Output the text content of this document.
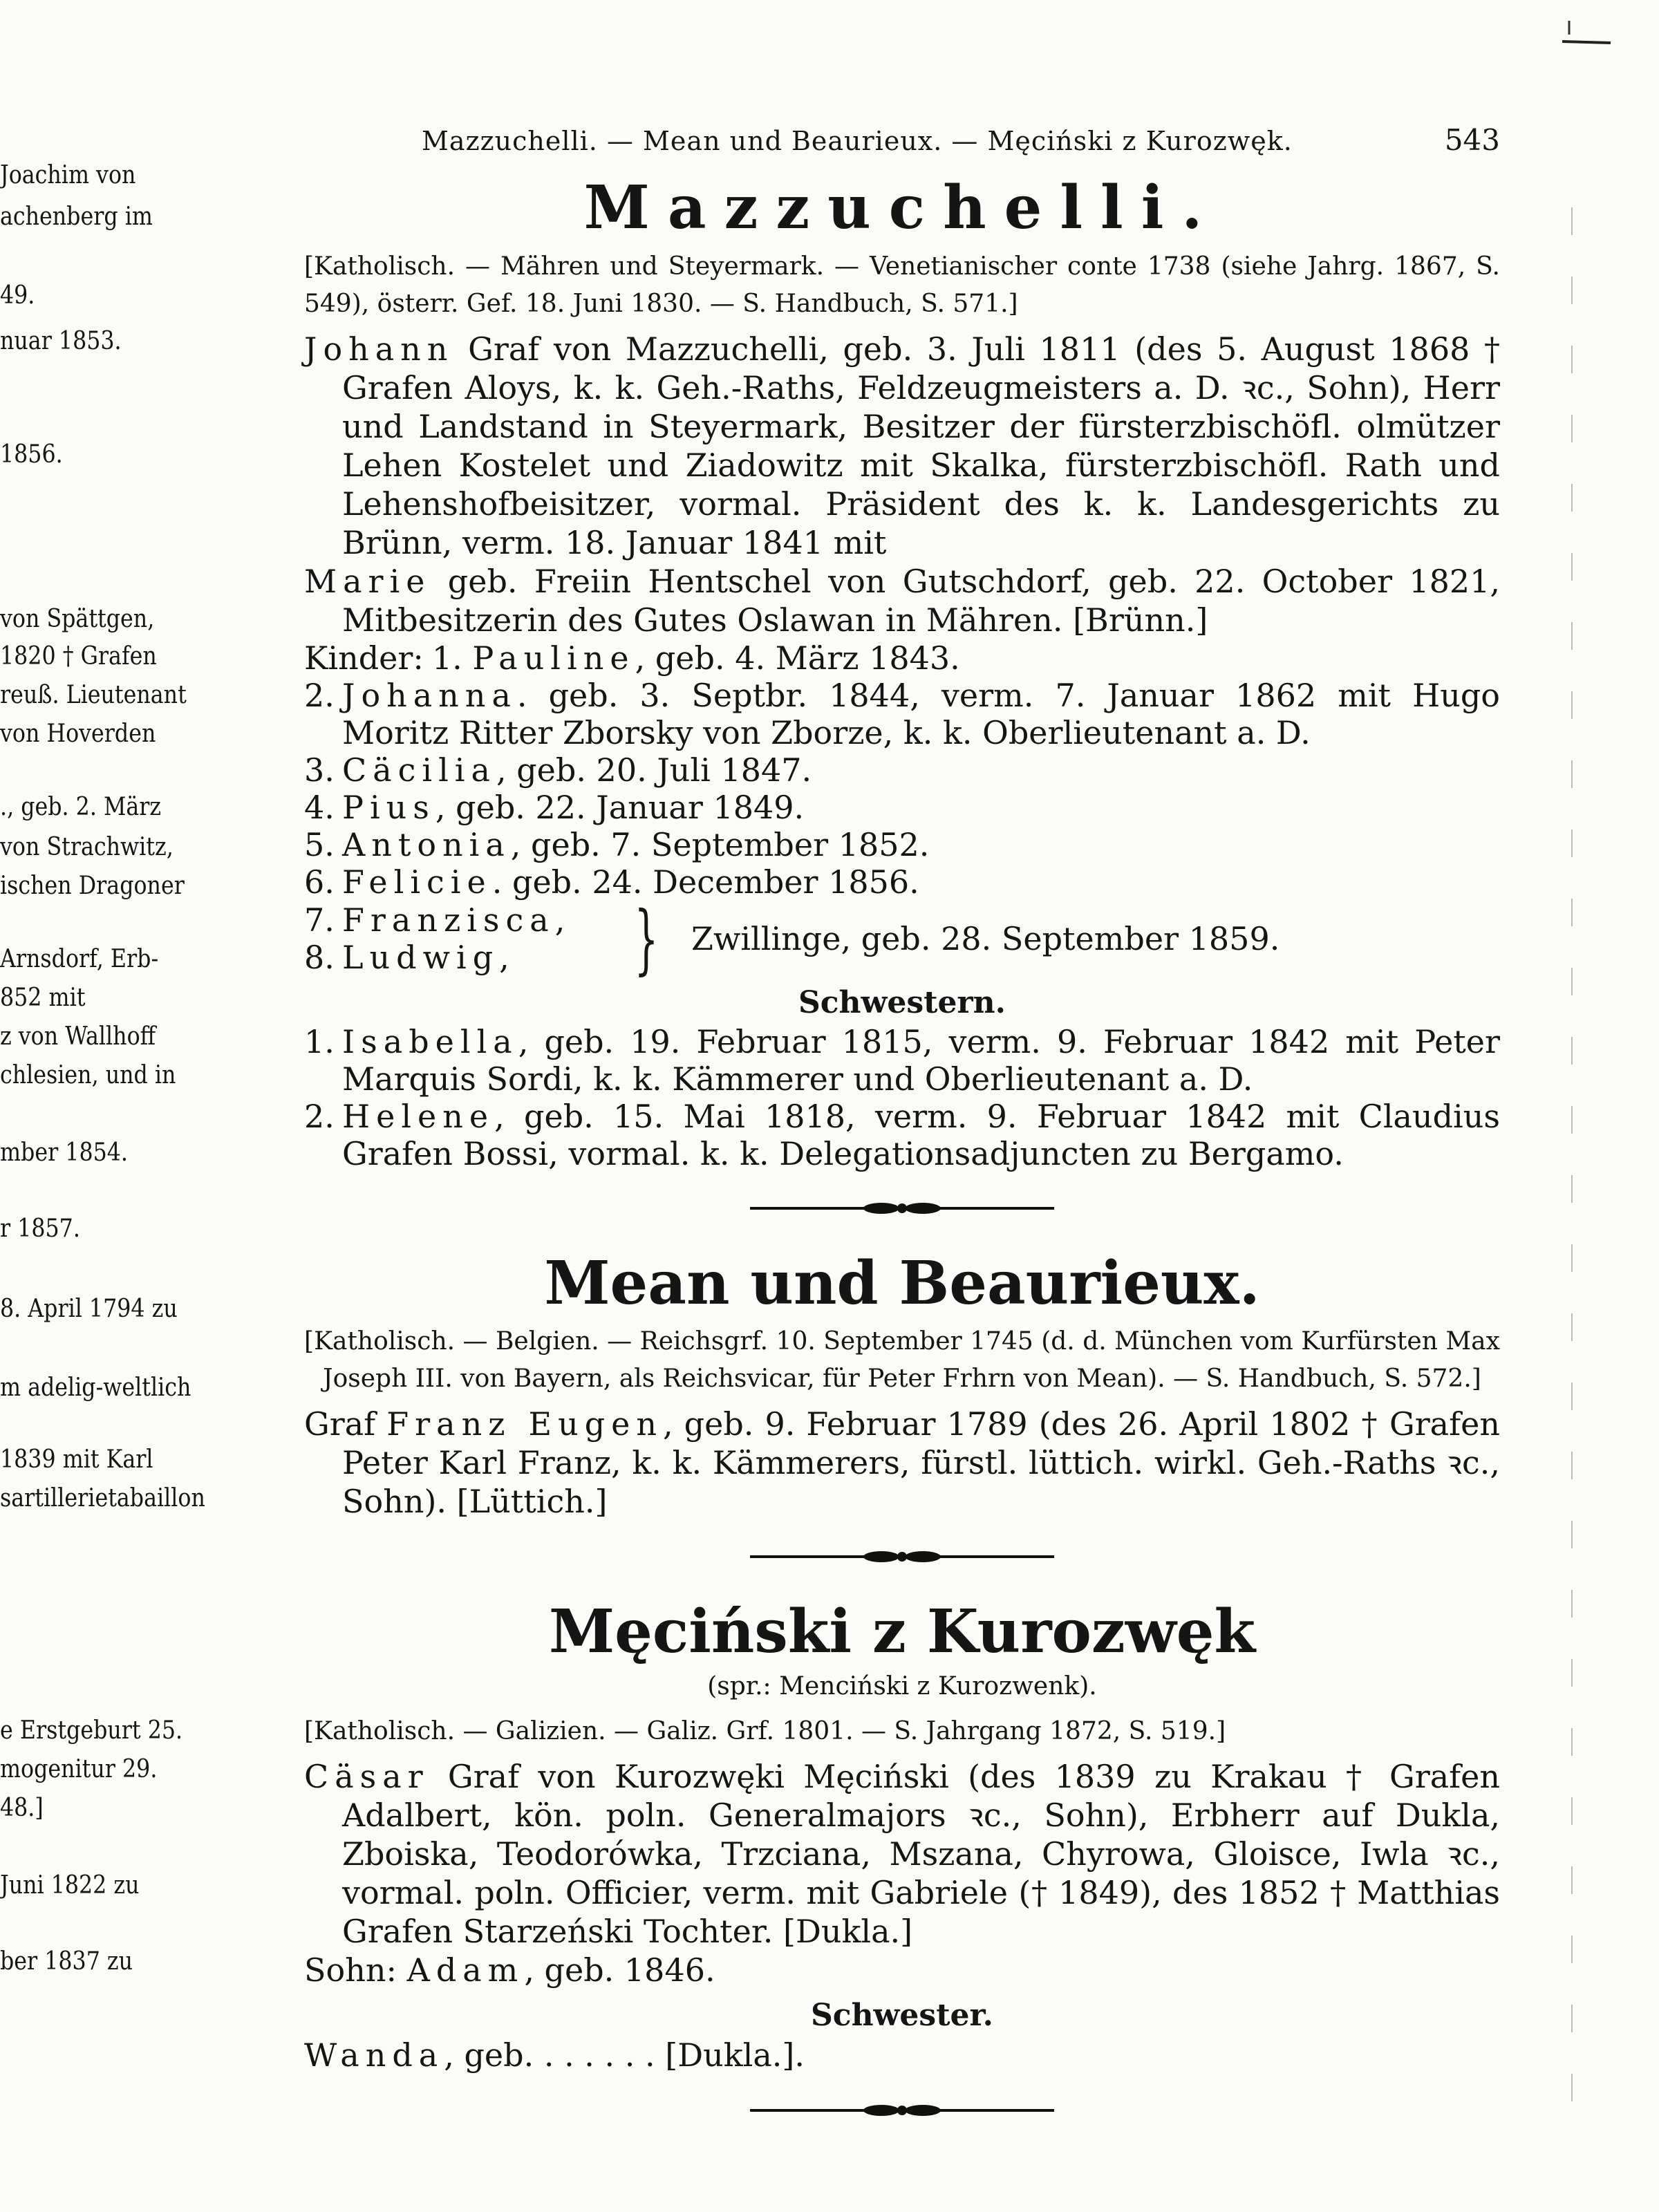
Joachim von
achenberg im
49.
nuar 1853.
1856.
von Spättgen,
1820 † Grafen
reuß. Lieutenant
von Hoverden
., geb. 2. März
von Strachwitz,
ischen Dragoner
Arnsdorf, Erb-
852 mit
z von Wallhoff
chlesien, und in
mber 1854.
r 1857.
8. April 1794 zu
m adelig-weltlich
1839 mit Karl
sartillerietabaillon
e Erstgeburt 25.
mogenitur 29.
48.]
Juni 1822 zu
ber 1837 zu
Mazzuchelli. — Mean und Beaurieux. — Męciński z Kurozwęk.	543
Mazzuchelli.
[Katholisch. — Mähren und Steyermark. — Venetianischer conte 1738 (siehe Jahrg. 1867, S. 549), österr. Gef. 18. Juni 1830. — S. Handbuch, S. 571.]

Johann Graf von Mazzuchelli, geb. 3. Juli 1811 (des 5. August 1868 † Grafen Aloys, k. k. Geh.-Raths, Feldzeugmeisters a. D. ꝛc., Sohn), Herr und Landstand in Steyermark, Besitzer der fürsterzbischöfl. olmützer Lehen Kostelet und Ziadowitz mit Skalka, fürsterzbischöfl. Rath und Lehenshofbeisitzer, vormal. Präsident des k. k. Landesgerichts zu Brünn, verm. 18. Januar 1841 mit

Marie geb. Freiin Hentschel von Gutschdorf, geb. 22. October 1821, Mitbesitzerin des Gutes Oslawan in Mähren. [Brünn.]

Kinder: 1.
Pauline , geb. 4. März 1843.
2. Johanna. geb. 3. Septbr. 1844, verm. 7. Januar 1862 mit Hugo Moritz Ritter Zborsky von Zborze, k. k. Oberlieutenant a. D.
3. Cäcilia, geb. 20. Juli 1847.
4. Pius, geb. 22. Januar 1849.
5. Antonia, geb. 7. September 1852.
6. Felicie. geb. 24. December 1856.
7. Franzisca,
8. Ludwig,	} Zwillinge, geb. 28. September 1859.
Schwestern.
1. Isabella, geb. 19. Februar 1815, verm. 9. Februar 1842 mit Peter Marquis Sordi, k. k. Kämmerer und Oberlieutenant a. D.
2. Helene, geb. 15. Mai 1818, verm. 9. Februar 1842 mit Claudius Grafen Bossi, vormal. k. k. Delegationsadjuncten zu Bergamo.
Mean und Beaurieux.
[Katholisch. — Belgien. — Reichsgrf. 10. September 1745 (d. d. München vom Kurfürsten Max Joseph III. von Bayern, als Reichsvicar, für Peter Frhrn von Mean). — S. Handbuch, S. 572.]

Graf Franz Eugen, geb. 9. Februar 1789 (des 26. April 1802 † Grafen Peter Karl Franz, k. k. Kämmerers, fürstl. lüttich. wirkl. Geh.-Raths ꝛc., Sohn). [Lüttich.]

Męciński z Kurozwęk
(spr.: Menciński z Kurozwenk).
[Katholisch. — Galizien. — Galiz. Grf. 1801. — S. Jahrgang 1872, S. 519.]

Cäsar Graf von Kurozwęki Męciński (des 1839 zu Krakau † Grafen Adalbert, kön. poln. Generalmajors ꝛc., Sohn), Erbherr auf Dukla, Zboiska, Teodorówka, Trzciana, Mszana, Chyrowa, Gloisce, Iwla ꝛc., vormal. poln. Officier, verm. mit Gabriele († 1849), des 1852 † Matthias Grafen Starzeński Tochter. [Dukla.]

Sohn: Adam, geb. 1846.

Schwester.

Wanda, geb. . . . . . . [Dukla.].
